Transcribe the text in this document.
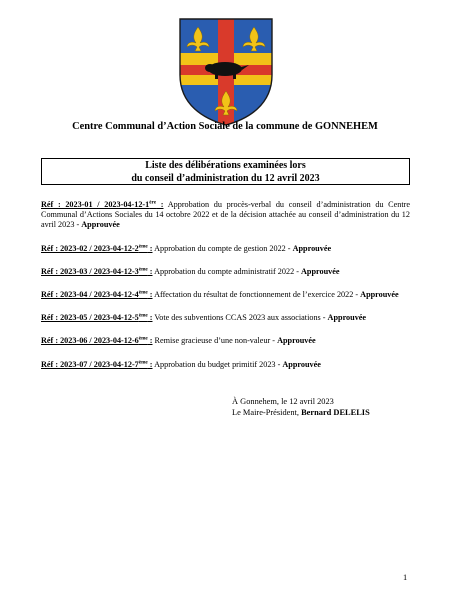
Centre Communal d’Action Sociale de la commune de GONNEHEM
Liste des délibérations examinées lors
du conseil d’administration du 12 avril 2023
Réf : 2023-01 / 2023-04-12-1ère : Approbation du procès-verbal du conseil d’administration du Centre Communal d’Actions Sociales du 14 octobre 2022 et de la décision attachée au conseil d’administration du 12 avril 2023 - Approuvée
Réf : 2023-02 / 2023-04-12-2ème : Approbation du compte de gestion 2022 - Approuvée
Réf : 2023-03 / 2023-04-12-3ème : Approbation du compte administratif 2022 - Approuvée
Réf : 2023-04 / 2023-04-12-4ème : Affectation du résultat de fonctionnement de l’exercice 2022 - Approuvée
Réf : 2023-05 / 2023-04-12-5ème : Vote des subventions CCAS 2023 aux associations - Approuvée
Réf : 2023-06 / 2023-04-12-6ème : Remise gracieuse d’une non-valeur - Approuvée
Réf : 2023-07 / 2023-04-12-7ème : Approbation du budget primitif 2023 - Approuvée
À Gonnehem, le 12 avril 2023
Le Maire-Président, Bernard DELELIS
1
